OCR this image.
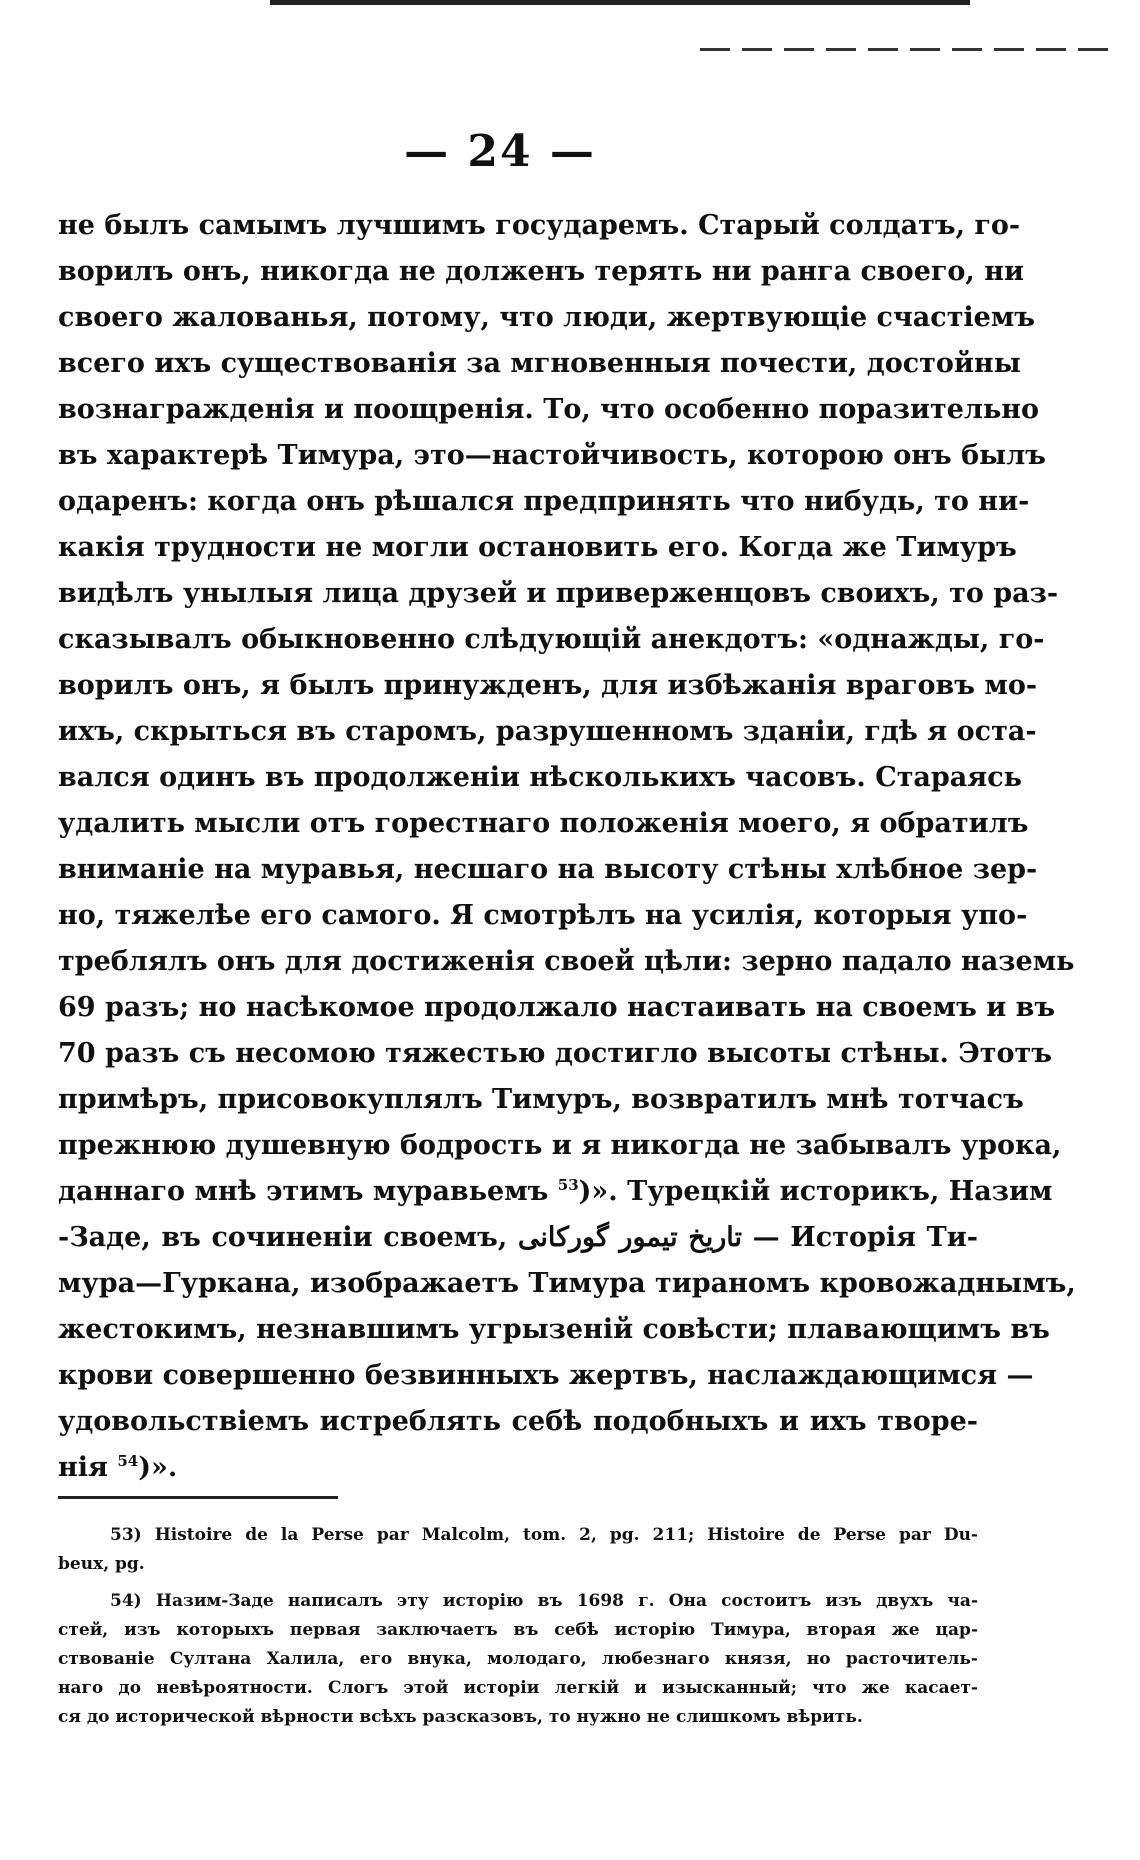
— 24 —
не былъ самымъ лучшимъ государемъ. Старый солдатъ, го-
ворилъ онъ, никогда не долженъ терять ни ранга своего, ни
своего жалованья, потому, что люди, жертвующіе счастіемъ
всего ихъ существованія за мгновенныя почести, достойны
вознагражденія и поощренія. То, что особенно поразительно
въ характерѣ Тимура, это—настойчивость, которою онъ былъ
одаренъ: когда онъ рѣшался предпринять что нибудь, то ни-
какія трудности не могли остановить его. Когда же Тимуръ
видѣлъ унылыя лица друзей и приверженцовъ своихъ, то раз-
сказывалъ обыкновенно слѣдующій анекдотъ: «однажды, го-
ворилъ онъ, я былъ принужденъ, для избѣжанія враговъ мо-
ихъ, скрыться въ старомъ, разрушенномъ зданіи, гдѣ я оста-
вался одинъ въ продолженіи нѣсколькихъ часовъ. Стараясь
удалить мысли отъ горестнаго положенія моего, я обратилъ
вниманіе на муравья, несшаго на высоту стѣны хлѣбное зер-
но, тяжелѣе его самого. Я смотрѣлъ на усилія, которыя упо-
треблялъ онъ для достиженія своей цѣли: зерно падало наземь
69 разъ; но насѣкомое продолжало настаивать на своемъ и въ
70 разъ съ несомою тяжестью достигло высоты стѣны. Этотъ
примѣръ, присовокуплялъ Тимуръ, возвратилъ мнѣ тотчасъ
прежнюю душевную бодрость и я никогда не забывалъ урока,
даннаго мнѣ этимъ муравьемъ $^{53}$)». Турецкій историкъ, Назим
-Заде, въ сочиненіи своемъ, تاريخ تيمور گوركانى — Исторія Ти-
мура—Гуркана, изображаетъ Тимура тираномъ кровожаднымъ,
жестокимъ, незнавшимъ угрызеній совѣсти; плавающимъ въ
крови совершенно безвинныхъ жертвъ, наслаждающимся —
удовольствіемъ истреблять себѣ подобныхъ и ихъ творе-
нія $^{54}$)».
53) Histoire de la Perse par Malcolm, tom. 2, pg. 211; Histoire de Perse par Du-
beux, pg.
54) Назим-Заде написалъ эту исторію въ 1698 г. Она состоитъ изъ двухъ ча-
стей, изъ которыхъ первая заключаетъ въ себѣ исторію Тимура, вторая же цар-
ствованіе Султана Халила, его внука, молодаго, любезнаго князя, но расточитель-
наго до невѣроятности. Слогъ этой исторіи легкій и изысканный; что же касает-
ся до исторической вѣрности всѣхъ разсказовъ, то нужно не слишкомъ вѣрить.
